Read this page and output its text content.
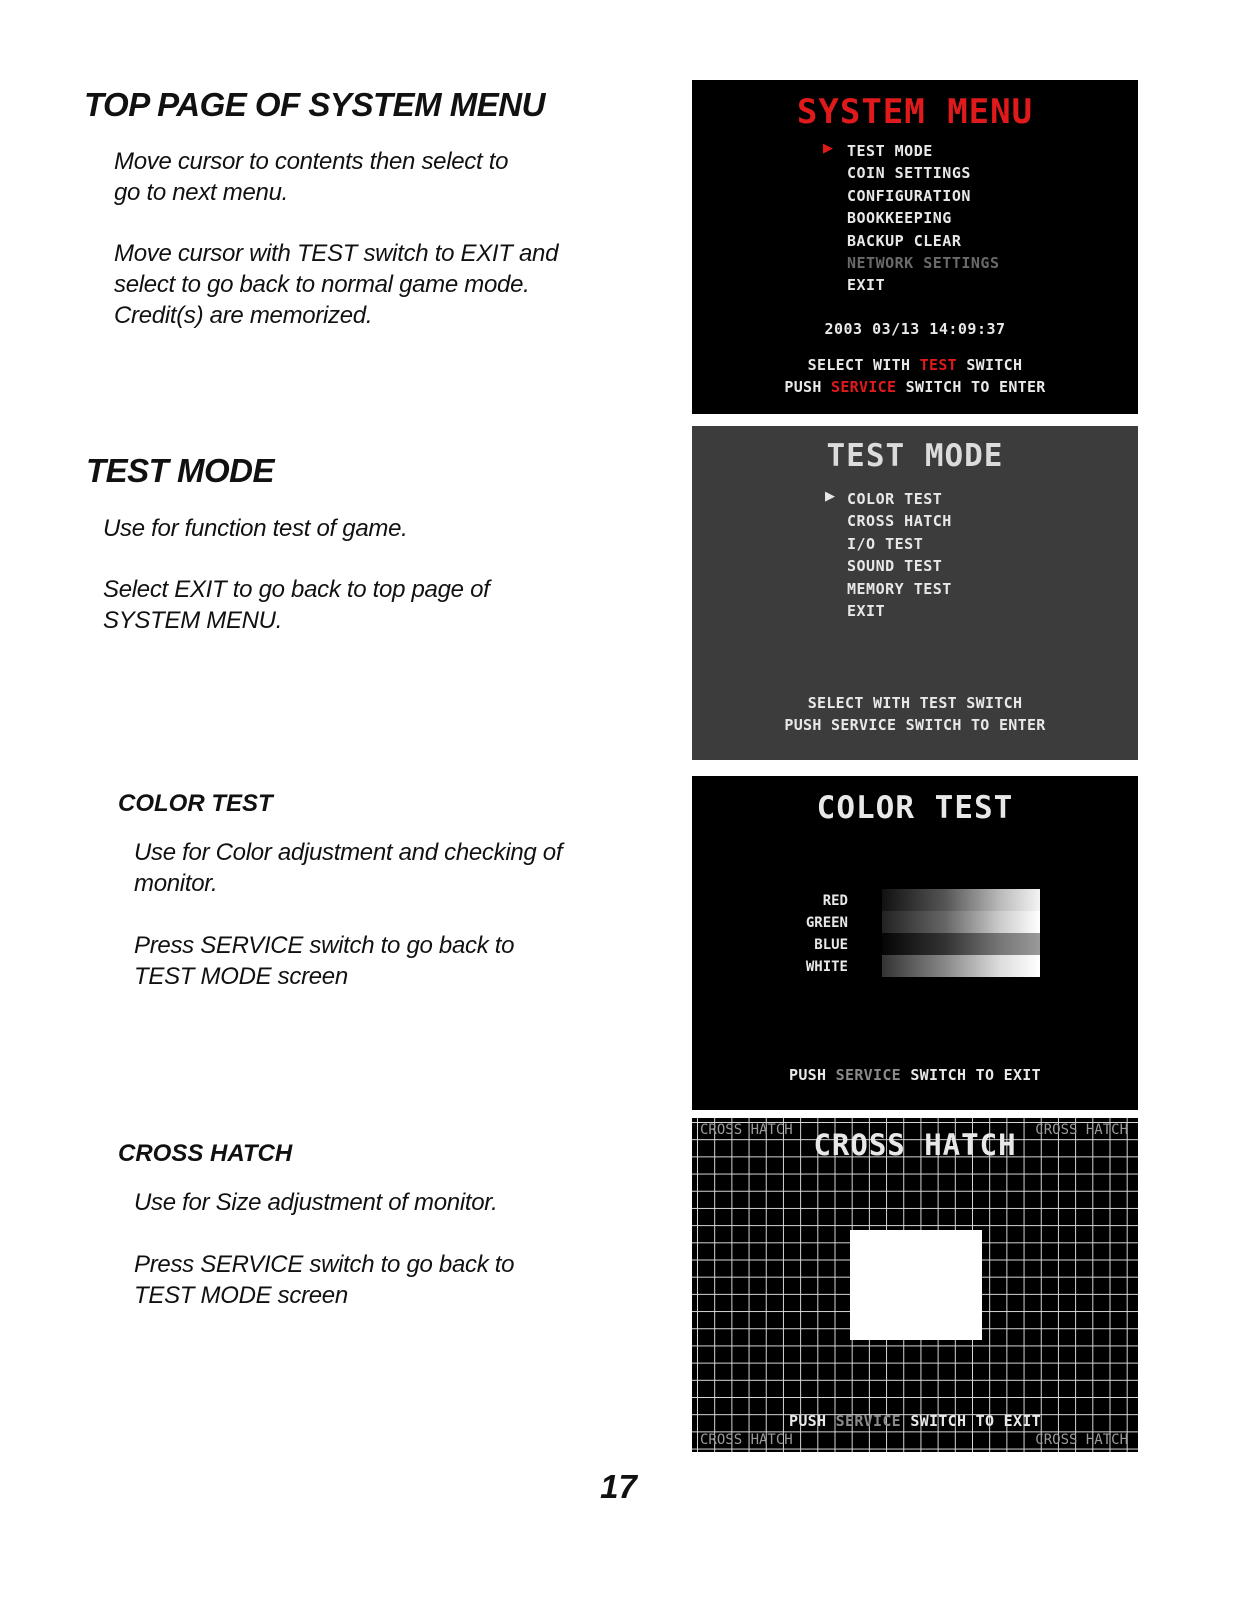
TOP PAGE OF SYSTEM MENU
Move cursor to contents then select to
go to next menu.
Move cursor with TEST switch to EXIT and
select to go back to normal game mode.
Credit(s) are memorized.
TEST MODE
Use for function test of game.
Select EXIT to go back to top page of
SYSTEM MENU.
COLOR TEST
Use for Color adjustment and checking of
monitor.
Press SERVICE switch to go back to
TEST MODE screen
CROSS HATCH
Use for Size adjustment of monitor.
Press SERVICE switch to go back to
TEST MODE screen
SYSTEM MENU
▶ TEST MODE
COIN SETTINGS
CONFIGURATION
BOOKKEEPING
BACKUP CLEAR
NETWORK SETTINGS
EXIT
2003 03/13 14:09:37
SELECT WITH TEST SWITCH
PUSH SERVICE SWITCH TO ENTER
TEST MODE
▶ COLOR TEST
CROSS HATCH
I/O TEST
SOUND TEST
MEMORY TEST
EXIT
SELECT WITH TEST SWITCH
PUSH SERVICE SWITCH TO ENTER
COLOR TEST
RED
GREEN
BLUE
WHITE
PUSH SERVICE SWITCH TO EXIT
CROSS HATCH	CROSS HATCH
CROSS HATCH
CROSS HATCH	CROSS HATCH
PUSH SERVICE SWITCH TO EXIT
17
